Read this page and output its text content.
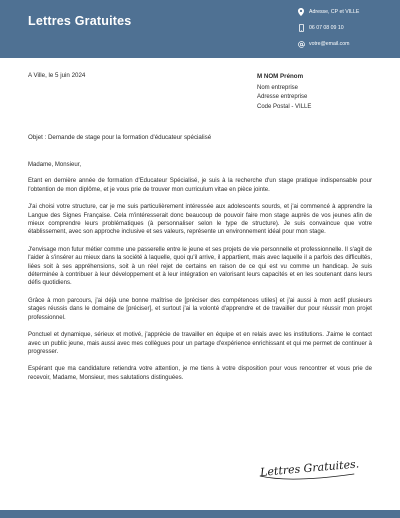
Lettres Gratuites
Adresse, CP et VILLE
06 07 08 09 10
votre@email.com
A Ville, le 5 juin 2024	M NOM Prénom
Nom entreprise
Adresse entreprise
Code Postal - VILLE
Objet : Demande de stage pour la formation d'éducateur spécialisé

Madame, Monsieur,

Etant en dernière année de formation d'Educateur Spécialisé, je suis à la recherche d'un stage pratique indispensable pour l'obtention de mon diplôme, et je vous prie de trouver mon curriculum vitae en pièce jointe.

J'ai choisi votre structure, car je me suis particulièrement intéressée aux adolescents sourds, et j'ai commencé à apprendre la Langue des Signes Française. Cela m'intéresserait donc beaucoup de pouvoir faire mon stage auprès de vos jeunes afin de mieux comprendre leurs problématiques (à personnaliser selon le type de structure). Je suis convaincue que votre établissement, avec son approche inclusive et ses valeurs, représente un environnement idéal pour mon stage.

J'envisage mon futur métier comme une passerelle entre le jeune et ses projets de vie personnelle et professionnelle. Il s'agit de l'aider à s'insérer au mieux dans la société à laquelle, quoi qu'il arrive, il appartient, mais avec laquelle il a parfois des difficultés, liées soit à ses appréhensions, soit à un réel rejet de certains en raison de ce qui est vu comme un handicap. Je suis déterminée à contribuer à leur développement et à leur intégration en valorisant leurs capacités et en les soutenant dans leurs défis quotidiens.

Grâce à mon parcours, j'ai déjà une bonne maîtrise de [préciser des compétences utiles] et j'ai aussi à mon actif plusieurs stages réussis dans le domaine de [préciser], et surtout j'ai la volonté d'apprendre et de travailler dur pour réussir mon projet professionnel.

Ponctuel et dynamique, sérieux et motivé, j'apprécie de travailler en équipe et en relais avec les institutions. J'aime le contact avec un public jeune, mais aussi avec mes collègues pour un partage d'expérience enrichissant et qui me permet de continuer à progresser.

Espérant que ma candidature retiendra votre attention, je me tiens à votre disposition pour vous rencontrer et vous prie de recevoir, Madame, Monsieur, mes salutations distinguées.

Lettres Gratuites.
